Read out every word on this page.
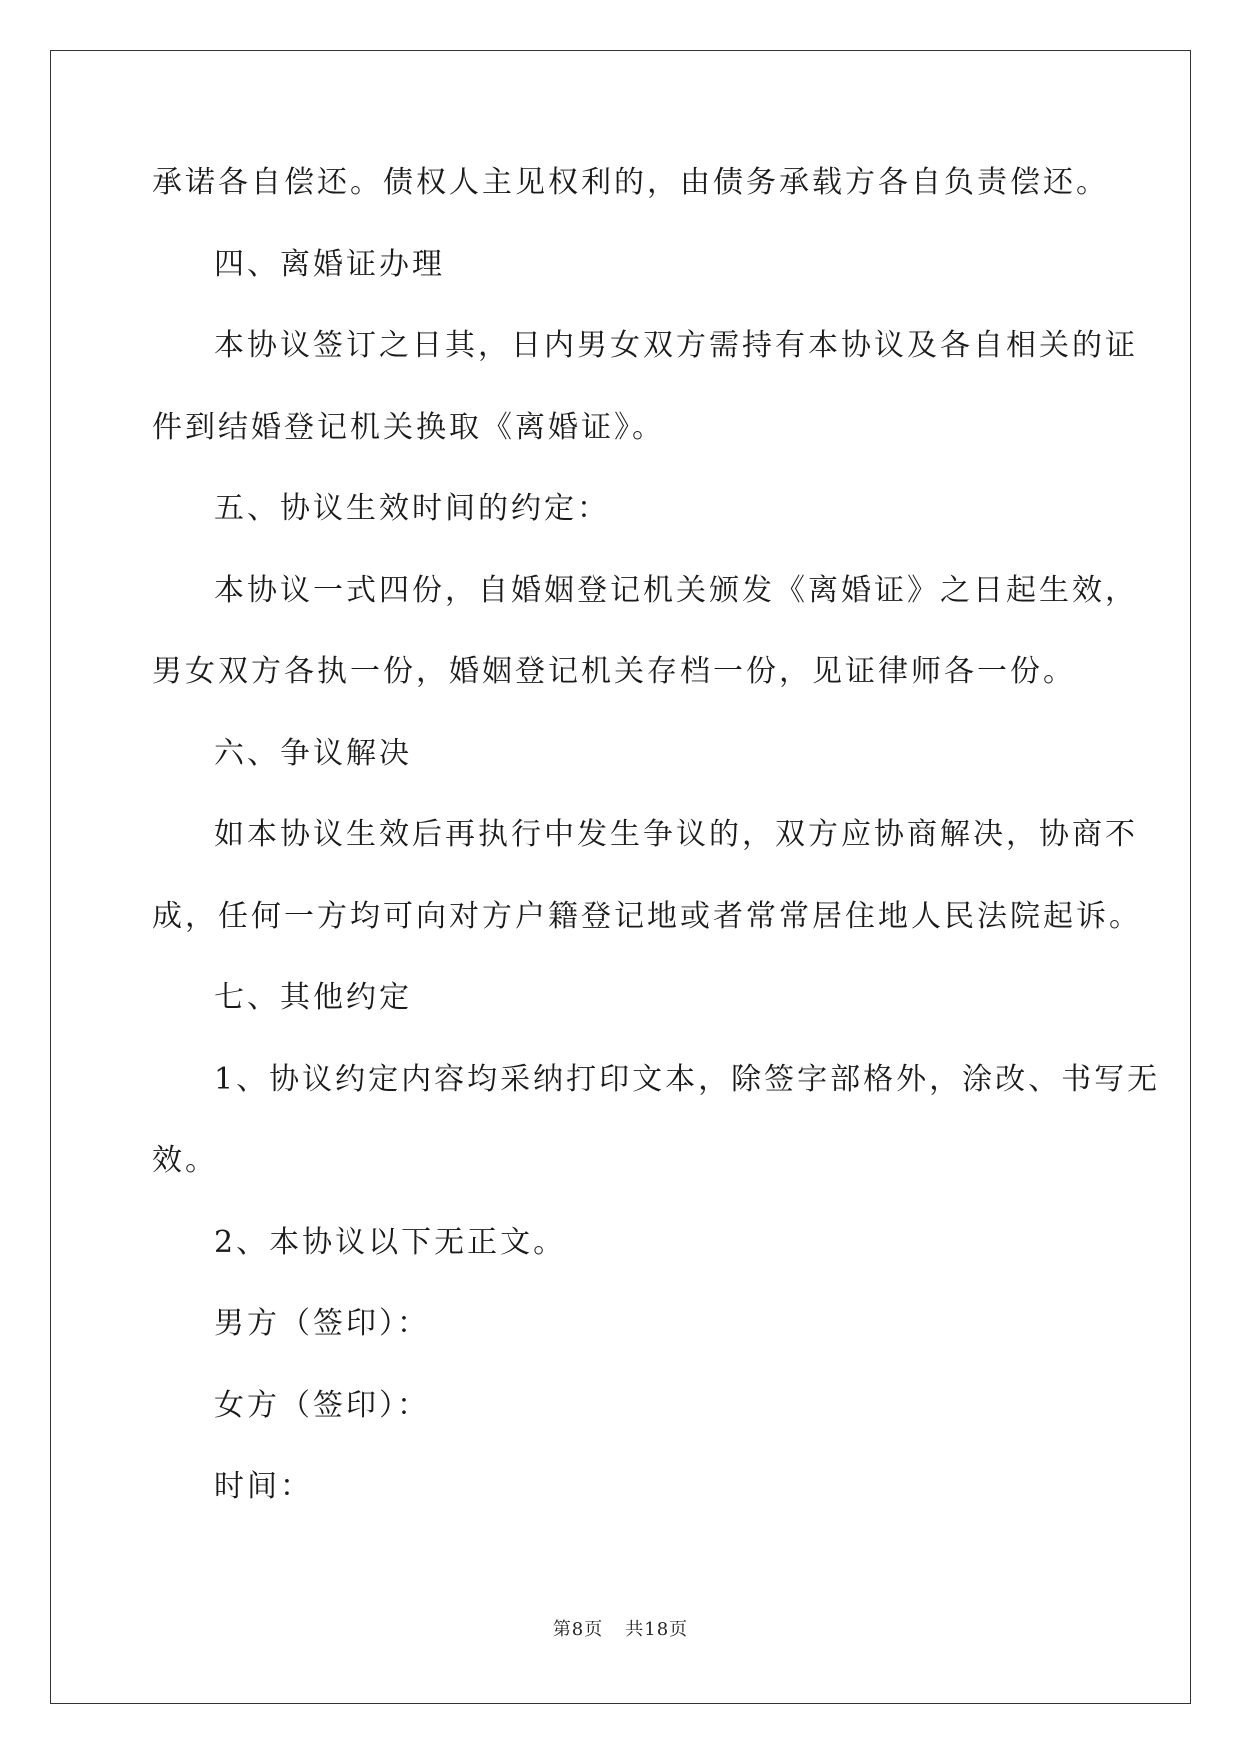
承诺各自偿还。债权人主见权利的，由债务承载方各自负责偿还。
四、离婚证办理
本协议签订之日其，日内男女双方需持有本协议及各自相关的证
件到结婚登记机关换取《离婚证》。
五、协议生效时间的约定：
本协议一式四份，自婚姻登记机关颁发《离婚证》之日起生效，
男女双方各执一份，婚姻登记机关存档一份，见证律师各一份。
六、争议解决
如本协议生效后再执行中发生争议的，双方应协商解决，协商不
成，任何一方均可向对方户籍登记地或者常常居住地人民法院起诉。
七、其他约定
1、协议约定内容均采纳打印文本，除签字部格外，涂改、书写无
效。
2、本协议以下无正文。
男方（签印）：
女方（签印）：
时间：
第8页 共18页
